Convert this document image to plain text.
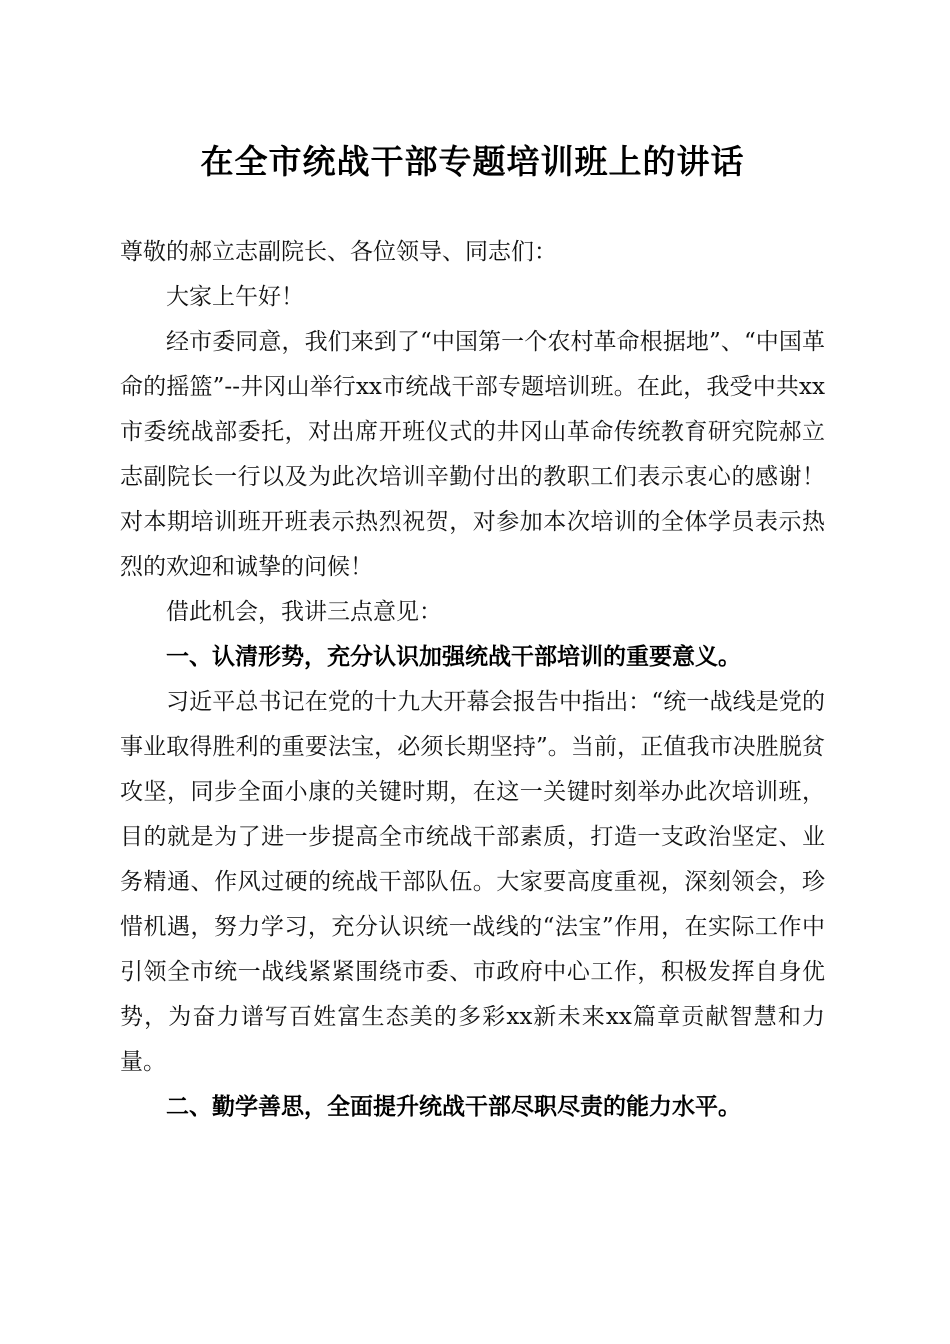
在全市统战干部专题培训班上的讲话

尊敬的郝立志副院长、各位领导、同志们：

大家上午好！

经市委同意，我们来到了“中国第一个农村革命根据地”、“中国革命的摇篮”--井冈山举行xx市统战干部专题培训班。在此，我受中共xx市委统战部委托，对出席开班仪式的井冈山革命传统教育研究院郝立志副院长一行以及为此次培训辛勤付出的教职工们表示衷心的感谢！对本期培训班开班表示热烈祝贺，对参加本次培训的全体学员表示热烈的欢迎和诚挚的问候！

借此机会，我讲三点意见：

一、认清形势，充分认识加强统战干部培训的重要意义。

习近平总书记在党的十九大开幕会报告中指出：“统一战线是党的事业取得胜利的重要法宝，必须长期坚持”。当前，正值我市决胜脱贫攻坚，同步全面小康的关键时期，在这一关键时刻举办此次培训班，目的就是为了进一步提高全市统战干部素质，打造一支政治坚定、业务精通、作风过硬的统战干部队伍。大家要高度重视，深刻领会，珍惜机遇，努力学习，充分认识统一战线的“法宝”作用，在实际工作中引领全市统一战线紧紧围绕市委、市政府中心工作，积极发挥自身优势，为奋力谱写百姓富生态美的多彩xx新未来xx篇章贡献智慧和力量。

二、勤学善思，全面提升统战干部尽职尽责的能力水平。
